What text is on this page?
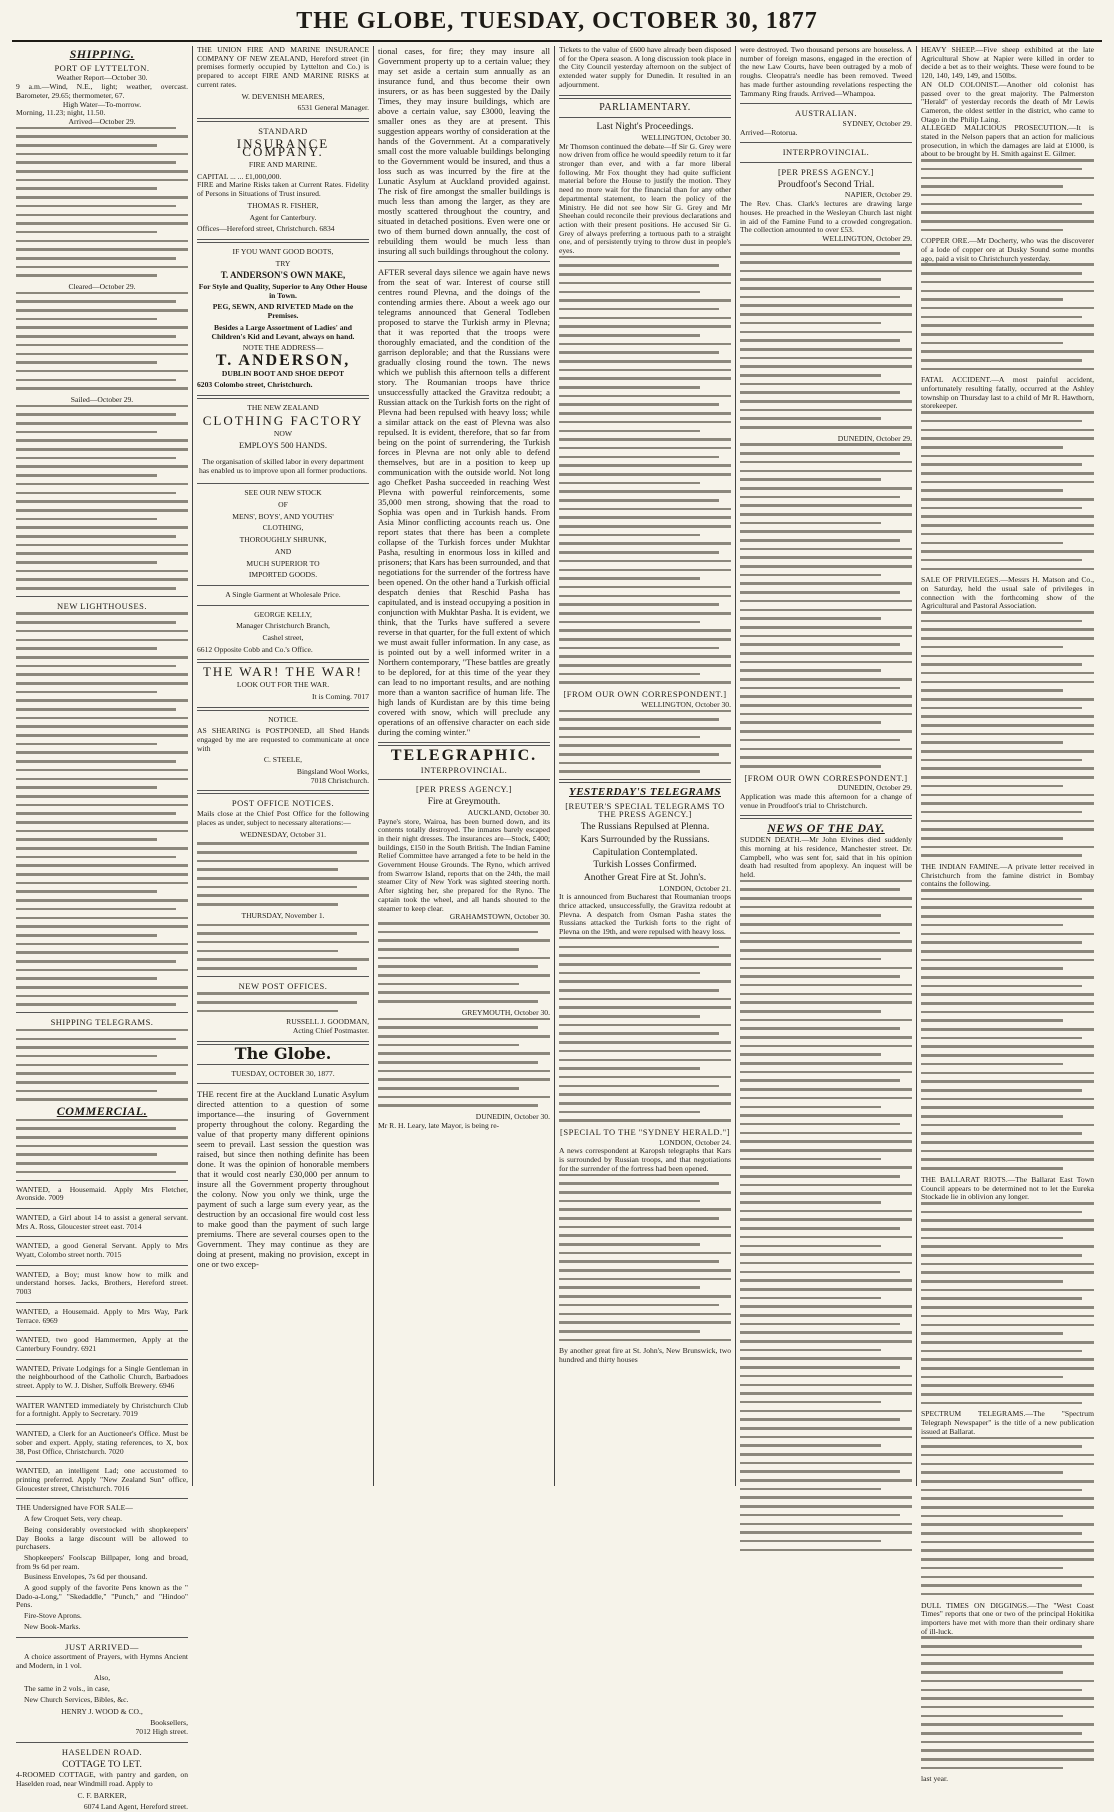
THE GLOBE, TUESDAY, OCTOBER 30, 1877
SHIPPING.
PORT OF LYTTELTON.
Weather Report—October 30.
9 a.m.—Wind, N.E., light; weather, overcast. Barometer, 29.65; thermometer, 67.
High Water—To-morrow.
Morning, 11.23; night, 11.50.
Arrived—October 29.
Cleared—October 29.
Sailed—October 29.
NEW LIGHTHOUSES.
SHIPPING TELEGRAMS.
COMMERCIAL.
WANTED, a Housemaid. Apply Mrs Fletcher, Avonside. 7009
WANTED, a Girl about 14 to assist a general servant. Mrs A. Ross, Gloucester street east. 7014
WANTED, a good General Servant. Apply to Mrs Wyatt, Colombo street north. 7015
WANTED, a Boy; must know how to milk and understand horses. Jacks, Brothers, Hereford street. 7003
WANTED, a Housemaid. Apply to Mrs Way, Park Terrace. 6969
WANTED, two good Hammermen, Apply at the Canterbury Foundry. 6921
WANTED, Private Lodgings for a Single Gentleman in the neighbourhood of the Catholic Church, Barbadoes street. Apply to W. J. Disher, Suffolk Brewery. 6946
WAITER WANTED immediately by Christchurch Club for a fortnight. Apply to Secretary. 7019
WANTED, a Clerk for an Auctioneer's Office. Must be sober and expert. Apply, stating references, to X, box 38, Post Office, Christchurch. 7020
WANTED, an intelligent Lad; one accustomed to printing preferred. Apply "New Zealand Sun" office, Gloucester street, Christchurch. 7016
THE Undersigned have FOR SALE—

A few Croquet Sets, very cheap.

Being considerably overstocked with shopkeepers' Day Books a large discount will be allowed to purchasers.

Shopkeepers' Foolscap Billpaper, long and broad, from 9s 6d per ream.

Business Envelopes, 7s 6d per thousand.

A good supply of the favorite Pens known as the " Dado-a-Long," "Skedaddle," "Punch," and "Hindoo" Pens.

Fire-Stove Aprons.

New Book-Marks.

JUST ARRIVED—

A choice assortment of Prayers, with Hymns Ancient and Modern, in 1 vol.

Also,

The same in 2 vols., in case,

New Church Services, Bibles, &c.

HENRY J. WOOD & CO.,
Booksellers,
7012 High street.
HASELDEN ROAD.
COTTAGE TO LET.
4-ROOMED COTTAGE, with pantry and garden, on Haselden road, near Windmill road. Apply to
C. F. BARKER,
6074 Land Agent, Hereford street.
THE UNION FIRE AND MARINE INSURANCE COMPANY OF NEW ZEALAND, Hereford street (in premises formerly occupied by Lyttelton and Co.) is prepared to accept FIRE AND MARINE RISKS at current rates.
W. DEVENISH MEARES,
6531 General Manager.
STANDARD
INSURANCE COMPANY.
FIRE AND MARINE.
CAPITAL ... ... £1,000,000.
FIRE and Marine Risks taken at Current Rates. Fidelity of Persons in Situations of Trust insured.
THOMAS R. FISHER,
Agent for Canterbury.
Offices—Hereford street, Christchurch. 6834
IF YOU WANT GOOD BOOTS,
TRY
T. ANDERSON'S OWN MAKE,
For Style and Quality, Superior to Any Other House in Town.
PEG, SEWN, AND RIVETED Made on the Premises.
Besides a Large Assortment of Ladies' and Children's Kid and Levant, always on hand.
NOTE THE ADDRESS—
T. ANDERSON,
DUBLIN BOOT AND SHOE DEPOT
6203 Colombo street, Christchurch.
THE NEW ZEALAND
CLOTHING FACTORY
NOW
EMPLOYS 500 HANDS.
The organisation of skilled labor in every department has enabled us to improve upon all former productions.
SEE OUR NEW STOCK
OF
MENS', BOYS', AND YOUTHS'
CLOTHING,
THOROUGHLY SHRUNK,
AND
MUCH SUPERIOR TO
IMPORTED GOODS.
A Single Garment at Wholesale Price.
GEORGE KELLY,
Manager Christchurch Branch,
Cashel street,
6612 Opposite Cobb and Co.'s Office.
THE WAR! THE WAR!
LOOK OUT FOR THE WAR.
It is Coming. 7017
NOTICE.
AS SHEARING is POSTPONED, all Shed Hands engaged by me are requested to communicate at once with
C. STEELE,
Bingsland Wool Works,
7018 Christchurch.
POST OFFICE NOTICES.
Mails close at the Chief Post Office for the following places as under, subject to necessary alterations:—
WEDNESDAY, October 31.
THURSDAY, November 1.
NEW POST OFFICES.
RUSSELL J. GOODMAN,
Acting Chief Postmaster.
The Globe.
TUESDAY, OCTOBER 30, 1877.
THE recent fire at the Auckland Lunatic Asylum directed attention to a question of some importance—the insuring of Government property throughout the colony. Regarding the value of that property many different opinions seem to prevail. Last session the question was raised, but since then nothing definite has been done. It was the opinion of honorable members that it would cost nearly £30,000 per annum to insure all the Government property throughout the colony. Now you only we think, urge the payment of such a large sum every year, as the destruction by an occasional fire would cost less to make good than the payment of such large premiums. There are several courses open to the Government. They may continue as they are doing at present, making no provision, except in one or two excep-
tional cases, for fire; they may insure all Government property up to a certain value; they may set aside a certain sum annually as an insurance fund, and thus become their own insurers, or as has been suggested by the Daily Times, they may insure buildings, which are above a certain value, say £3000, leaving the smaller ones as they are at present. This suggestion appears worthy of consideration at the hands of the Government. At a comparatively small cost the more valuable buildings belonging to the Government would be insured, and thus a loss such as was incurred by the fire at the Lunatic Asylum at Auckland provided against. The risk of fire amongst the smaller buildings is much less than among the larger, as they are mostly scattered throughout the country, and situated in detached positions. Even were one or two of them burned down annually, the cost of rebuilding them would be much less than insuring all such buildings throughout the colony.
AFTER several days silence we again have news from the seat of war. Interest of course still centres round Plevna, and the doings of the contending armies there. About a week ago our telegrams announced that General Todleben proposed to starve the Turkish army in Plevna; that it was reported that the troops were thoroughly emaciated, and the condition of the garrison deplorable; and that the Russians were gradually closing round the town. The news which we publish this afternoon tells a different story. The Roumanian troops have thrice unsuccessfully attacked the Gravitza redoubt; a Russian attack on the Turkish forts on the right of Plevna had been repulsed with heavy loss; while a similar attack on the east of Plevna was also repulsed. It is evident, therefore, that so far from being on the point of surrendering, the Turkish forces in Plevna are not only able to defend themselves, but are in a position to keep up communication with the outside world. Not long ago Chefket Pasha succeeded in reaching West Plevna with powerful reinforcements, some 35,000 men strong, showing that the road to Sophia was open and in Turkish hands. From Asia Minor conflicting accounts reach us. One report states that there has been a complete collapse of the Turkish forces under Mukhtar Pasha, resulting in enormous loss in killed and prisoners; that Kars has been surrounded, and that negotiations for the surrender of the fortress have been opened. On the other hand a Turkish official despatch denies that Reschid Pasha has capitulated, and is instead occupying a position in conjunction with Mukhtar Pasha. It is evident, we think, that the Turks have suffered a severe reverse in that quarter, for the full extent of which we must await fuller information. In any case, as is pointed out by a well informed writer in a Northern contemporary, "These battles are greatly to be deplored, for at this time of the year they can lead to no important results, and are nothing more than a wanton sacrifice of human life. The high lands of Kurdistan are by this time being covered with snow, which will preclude any operations of an offensive character on each side during the coming winter."
TELEGRAPHIC.
INTERPROVINCIAL.
[PER PRESS AGENCY.]
Fire at Greymouth.
AUCKLAND, October 30.
Payne's store, Wairoa, has been burned down, and its contents totally destroyed. The inmates barely escaped in their night dresses. The insurances are—Stock, £400; buildings, £150 in the South British. The Indian Famine Relief Committee have arranged a fete to be held in the Government House Grounds. The Ryno, which arrived from Swarrow Island, reports that on the 24th, the mail steamer City of New York was sighted steering north. After sighting her, she prepared for the Ryno. The captain took the wheel, and all hands shouted to the steamer to keep clear.
GRAHAMSTOWN, October 30.
GREYMOUTH, October 30.
DUNEDIN, October 30.
Mr R. H. Leary, late Mayor, is being re-
Tickets to the value of £600 have already been disposed of for the Opera season. A long discussion took place in the City Council yesterday afternoon on the subject of extended water supply for Dunedin. It resulted in an adjournment.
PARLIAMENTARY.
Last Night's Proceedings.
WELLINGTON, October 30.
Mr Thomson continued the debate—If Sir G. Grey were now driven from office he would speedily return to it far stronger than ever, and with a far more liberal following. Mr Fox thought they had quite sufficient material before the House to justify the motion. They need no more wait for the financial than for any other departmental statement, to learn the policy of the Ministry. He did not see how Sir G. Grey and Mr Sheehan could reconcile their previous declarations and action with their present positions. He accused Sir G. Grey of always preferring a tortuous path to a straight one, and of persistently trying to throw dust in people's eyes.
[FROM OUR OWN CORRESPONDENT.]
WELLINGTON, October 30.
YESTERDAY'S TELEGRAMS
[REUTER'S SPECIAL TELEGRAMS TO THE PRESS AGENCY.]
The Russians Repulsed at Plenna.
Kars Surrounded by the Russians.
Capitulation Contemplated.
Turkish Losses Confirmed.
Another Great Fire at St. John's.
LONDON, October 21.
It is announced from Bucharest that Roumanian troops thrice attacked, unsuccessfully, the Gravitza redoubt at Plevna. A despatch from Osman Pasha states the Russians attacked the Turkish forts to the right of Plevna on the 19th, and were repulsed with heavy loss.
[SPECIAL TO THE "SYDNEY HERALD."]
LONDON, October 24.
A news correspondent at Karopsh telegraphs that Kars is surrounded by Russian troops, and that negotiations for the surrender of the fortress had been opened.
By another great fire at St. John's, New Brunswick, two hundred and thirty houses
were destroyed. Two thousand persons are houseless. A number of foreign masons, engaged in the erection of the new Law Courts, have been outraged by a mob of roughs. Cleopatra's needle has been removed. Tweed has made further astounding revelations respecting the Tammany Ring frauds. Arrived—Whampoa.
AUSTRALIAN.
SYDNEY, October 29.
Arrived—Rotorua.
INTERPROVINCIAL.
[PER PRESS AGENCY.]
Proudfoot's Second Trial.
NAPIER, October 29.
The Rev. Chas. Clark's lectures are drawing large houses. He preached in the Wesleyan Church last night in aid of the Famine Fund to a crowded congregation. The collection amounted to over £53.
WELLINGTON, October 29.
DUNEDIN, October 29.
[FROM OUR OWN CORRESPONDENT.]
DUNEDIN, October 29.
Application was made this afternoon for a change of venue in Proudfoot's trial to Christchurch.
NEWS OF THE DAY.
SUDDEN DEATH.—Mr John Elvines died suddenly this morning at his residence, Manchester street. Dr. Campbell, who was sent for, said that in his opinion death had resulted from apoplexy. An inquest will be held.
HEAVY SHEEP.—Five sheep exhibited at the late Agricultural Show at Napier were killed in order to decide a bet as to their weights. These were found to be 120, 140, 149, 149, and 150lbs.
AN OLD COLONIST.—Another old colonist has passed over to the great majority. The Palmerston "Herald" of yesterday records the death of Mr Lewis Cameron, the oldest settler in the district, who came to Otago in the Philip Laing.
ALLEGED MALICIOUS PROSECUTION.—It is stated in the Nelson papers that an action for malicious prosecution, in which the damages are laid at £1000, is about to be brought by H. Smith against E. Gilmer.
COPPER ORE.—Mr Docherty, who was the discoverer of a lode of copper ore at Dusky Sound some months ago, paid a visit to Christchurch yesterday.
FATAL ACCIDENT.—A most painful accident, unfortunately resulting fatally, occurred at the Ashley township on Thursday last to a child of Mr R. Hawthorn, storekeeper.
SALE OF PRIVILEGES.—Messrs H. Matson and Co., on Saturday, held the usual sale of privileges in connection with the forthcoming show of the Agricultural and Pastoral Association.
THE INDIAN FAMINE.—A private letter received in Christchurch from the famine district in Bombay contains the following.
THE BALLARAT RIOTS.—The Ballarat East Town Council appears to be determined not to let the Eureka Stockade lie in oblivion any longer.
SPECTRUM TELEGRAMS.—The "Spectrum Telegraph Newspaper" is the title of a new publication issued at Ballarat.
DULL TIMES ON DIGGINGS.—The "West Coast Times" reports that one or two of the principal Hokitika importers have met with more than their ordinary share of ill-luck.
last year.
